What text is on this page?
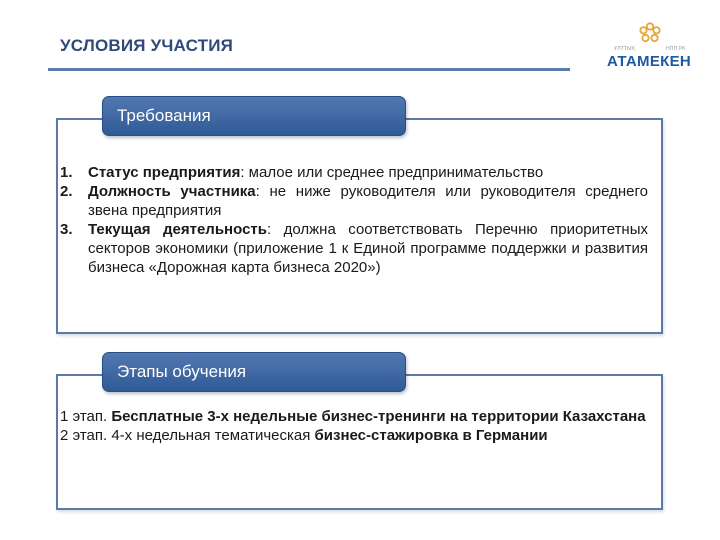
УСЛОВИЯ УЧАСТИЯ	ҰЛТТЫҚ	НПП РК
АТАМЕКЕН
Требования
1. Статус предприятия: малое или среднее предпринимательство
2. Должность участника: не ниже руководителя или руководителя среднего звена предприятия
3. Текущая деятельность: должна соответствовать Перечню приоритетных секторов экономики (приложение 1 к Единой программе поддержки и развития бизнеса «Дорожная карта бизнеса 2020»)
Этапы обучения

1 этап. Бесплатные 3-х недельные бизнес-тренинги на территории Казахстана

2 этап. 4-х недельная тематическая бизнес-стажировка в Германии
